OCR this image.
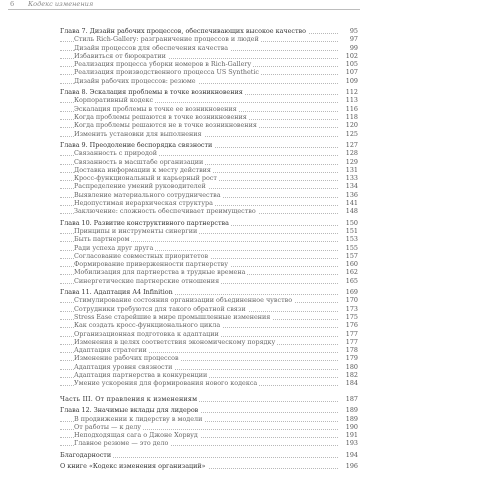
6 Кодекс изменения
Глава 7. Дизайн рабочих процессов, обеспечивающих высокое качество	95
Стиль Rich-Gallery: разграничение процессов и людей	97
Дизайн процессов для обеспечения качества	99
Избавиться от бюрократии	102
Реализация процесса уборки номеров в Rich-Gallery	105
Реализация производственного процесса US Synthetic	107
Дизайн рабочих процессов: резюме	109
Глава 8. Эскалация проблемы в точке возникновения	112
Корпоративный кодекс	113
Эскалация проблемы в точке ее возникновения	116
Когда проблемы решаются в точке возникновения	118
Когда проблемы решаются не в точке возникновения	120
Изменить установки для выполнения	125
Глава 9. Преодоление беспорядка связности	127
Связанность с природой	128
Связанность в масштабе организации	129
Доставка информации к месту действия	131
Кросс-функциональный и карьерный рост	133
Распределение умений руководителей	134
Выявление материального сотрудничества	136
Недопустимая иерархическая структура	141
Заключение: сложность обеспечивает преимущество	148
Глава 10. Развитие конструктивного партнерства	150
Принципы и инструменты синергии	151
Быть партнером	153
Ради успеха друг друга	155
Согласование совместных приоритетов	157
Формирование приверженности партнерству	160
Мобилизация для партнерства в трудные времена	162
Синергетические партнерские отношения	165
Глава 11. Адаптация A4 Infinition	169
Стимулирование состояния организации объединенное чувство	170
Сотрудники требуются для такого обратной связи	173
Stress Ease старейшие в мире промышленные изменения	175
Как создать кросс-функционального цикла	176
Организационная подготовка к адаптации	177
Изменения в целях соответствия экономическому порядку	177
Адаптация стратегии	178
Изменение рабочих процессов	179
Адаптация уровня связности	180
Адаптация партнерства в конкуренции	182
Умение ускорения для формирования нового кодекса	184
Часть III. От правления к изменениям	187
Глава 12. Значимые вклады для лидеров	189
В продвижении к лидерству в модели	189
От работы — к делу	190
Неподходящая сага о Джоне Хорвуд	191
Главное резюме — это дело	193
Благодарности	194
О книге «Кодекс изменения организаций»	196
